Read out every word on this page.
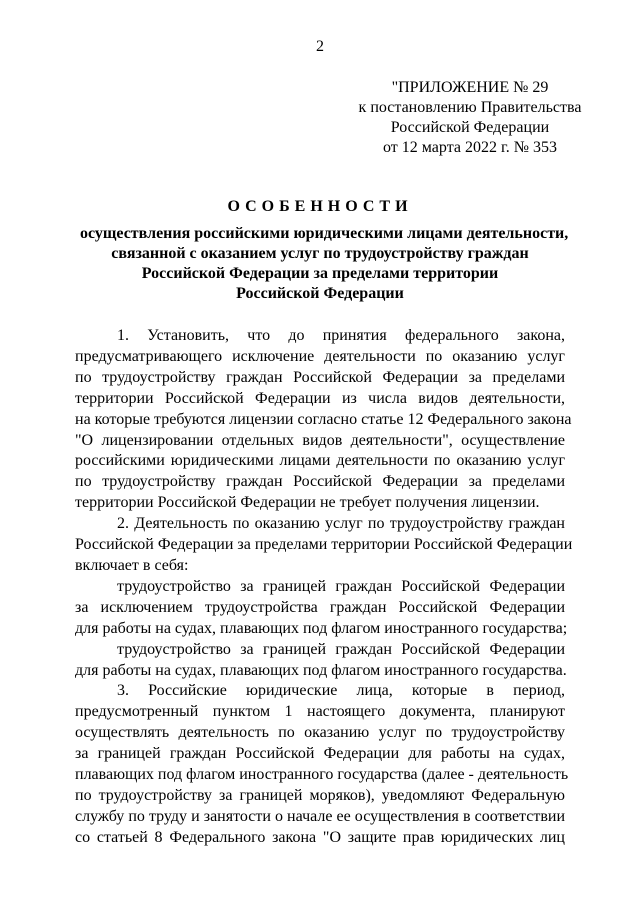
2
"ПРИЛОЖЕНИЕ № 29
к постановлению Правительства
Российской Федерации
от 12 марта 2022 г. № 353
ОСОБЕННОСТИ
осуществления российскими юридическими лицами деятельности,
связанной с оказанием услуг по трудоустройству граждан
Российской Федерации за пределами территории
Российской Федерации
1. Установить, что до принятия федерального закона,
предусматривающего исключение деятельности по оказанию услуг
по трудоустройству граждан Российской Федерации за пределами
территории Российской Федерации из числа видов деятельности,
на которые требуются лицензии согласно статье 12 Федерального закона
"О лицензировании отдельных видов деятельности", осуществление
российскими юридическими лицами деятельности по оказанию услуг
по трудоустройству граждан Российской Федерации за пределами
территории Российской Федерации не требует получения лицензии.
2. Деятельность по оказанию услуг по трудоустройству граждан
Российской Федерации за пределами территории Российской Федерации
включает в себя:
трудоустройство за границей граждан Российской Федерации
за исключением трудоустройства граждан Российской Федерации
для работы на судах, плавающих под флагом иностранного государства;
трудоустройство за границей граждан Российской Федерации
для работы на судах, плавающих под флагом иностранного государства.
3. Российские юридические лица, которые в период,
предусмотренный пунктом 1 настоящего документа, планируют
осуществлять деятельность по оказанию услуг по трудоустройству
за границей граждан Российской Федерации для работы на судах,
плавающих под флагом иностранного государства (далее - деятельность
по трудоустройству за границей моряков), уведомляют Федеральную
службу по труду и занятости о начале ее осуществления в соответствии
со статьей 8 Федерального закона "О защите прав юридических лиц
